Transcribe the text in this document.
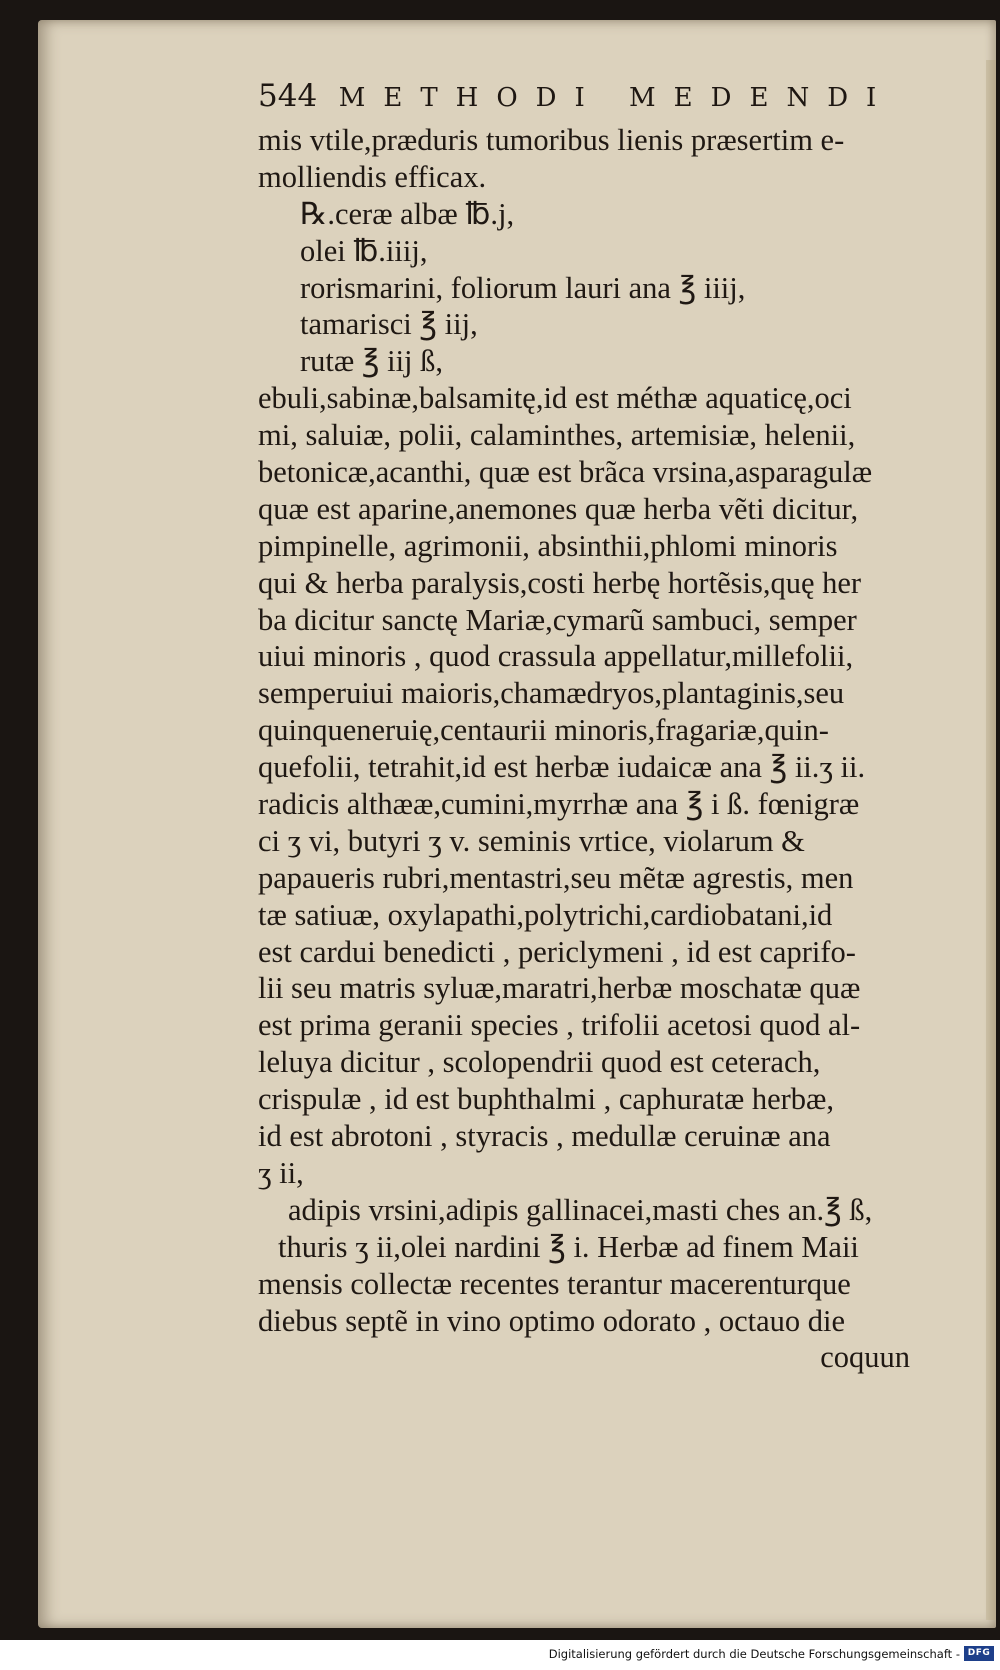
544 METHODI MEDENDI
mis vtile,præduris tumoribus lienis præsertim e-
molliendis efficax.
℞.ceræ albæ ℔.j,
olei ℔.iiij,
rorismarini, foliorum lauri ana ℥ iiij,
tamarisci ℥ iij,
rutæ ℥ iij ß,
ebuli,sabinæ,balsamitę,id est méthæ aquaticę,oci
mi, saluiæ, polii, calaminthes, artemisiæ, helenii,
betonicæ,acanthi, quæ est brãca vrsina,asparagulæ
quæ est aparine,anemones quæ herba vẽti dicitur,
pimpinelle, agrimonii, absinthii,phlomi minoris
qui & herba paralysis,costi herbę hortẽsis,quę her
ba dicitur sanctę Mariæ,cymarũ sambuci, semper
uiui minoris , quod crassula appellatur,millefolii,
semperuiui maioris,chamædryos,plantaginis,seu
quinqueneruię,centaurii minoris,fragariæ,quin-
quefolii, tetrahit,id est herbæ iudaicæ ana ℥ ii.ʒ ii.
radicis althææ,cumini,myrrhæ ana ℥ i ß. fœnigræ
ci ʒ vi, butyri ʒ v. seminis vrtice, violarum &
papaueris rubri,mentastri,seu mẽtæ agrestis, men
tæ satiuæ, oxylapathi,polytrichi,cardiobatani,id
est cardui benedicti , periclymeni , id est caprifo-
lii seu matris syluæ,maratri,herbæ moschatæ quæ
est prima geranii species , trifolii acetosi quod al-
leluya dicitur , scolopendrii quod est ceterach,
crispulæ , id est buphthalmi , caphuratæ herbæ,
id est abrotoni , styracis , medullæ ceruinæ ana
ʒ ii,
adipis vrsini,adipis gallinacei,masti ches an.℥ ß,
thuris ʒ ii,olei nardini ℥ i. Herbæ ad finem Maii
mensis collectæ recentes terantur macerenturque
diebus septẽ in vino optimo odorato , octauo die
coquun
Digitalisierung gefördert durch die Deutsche Forschungsgemeinschaft - DFG
